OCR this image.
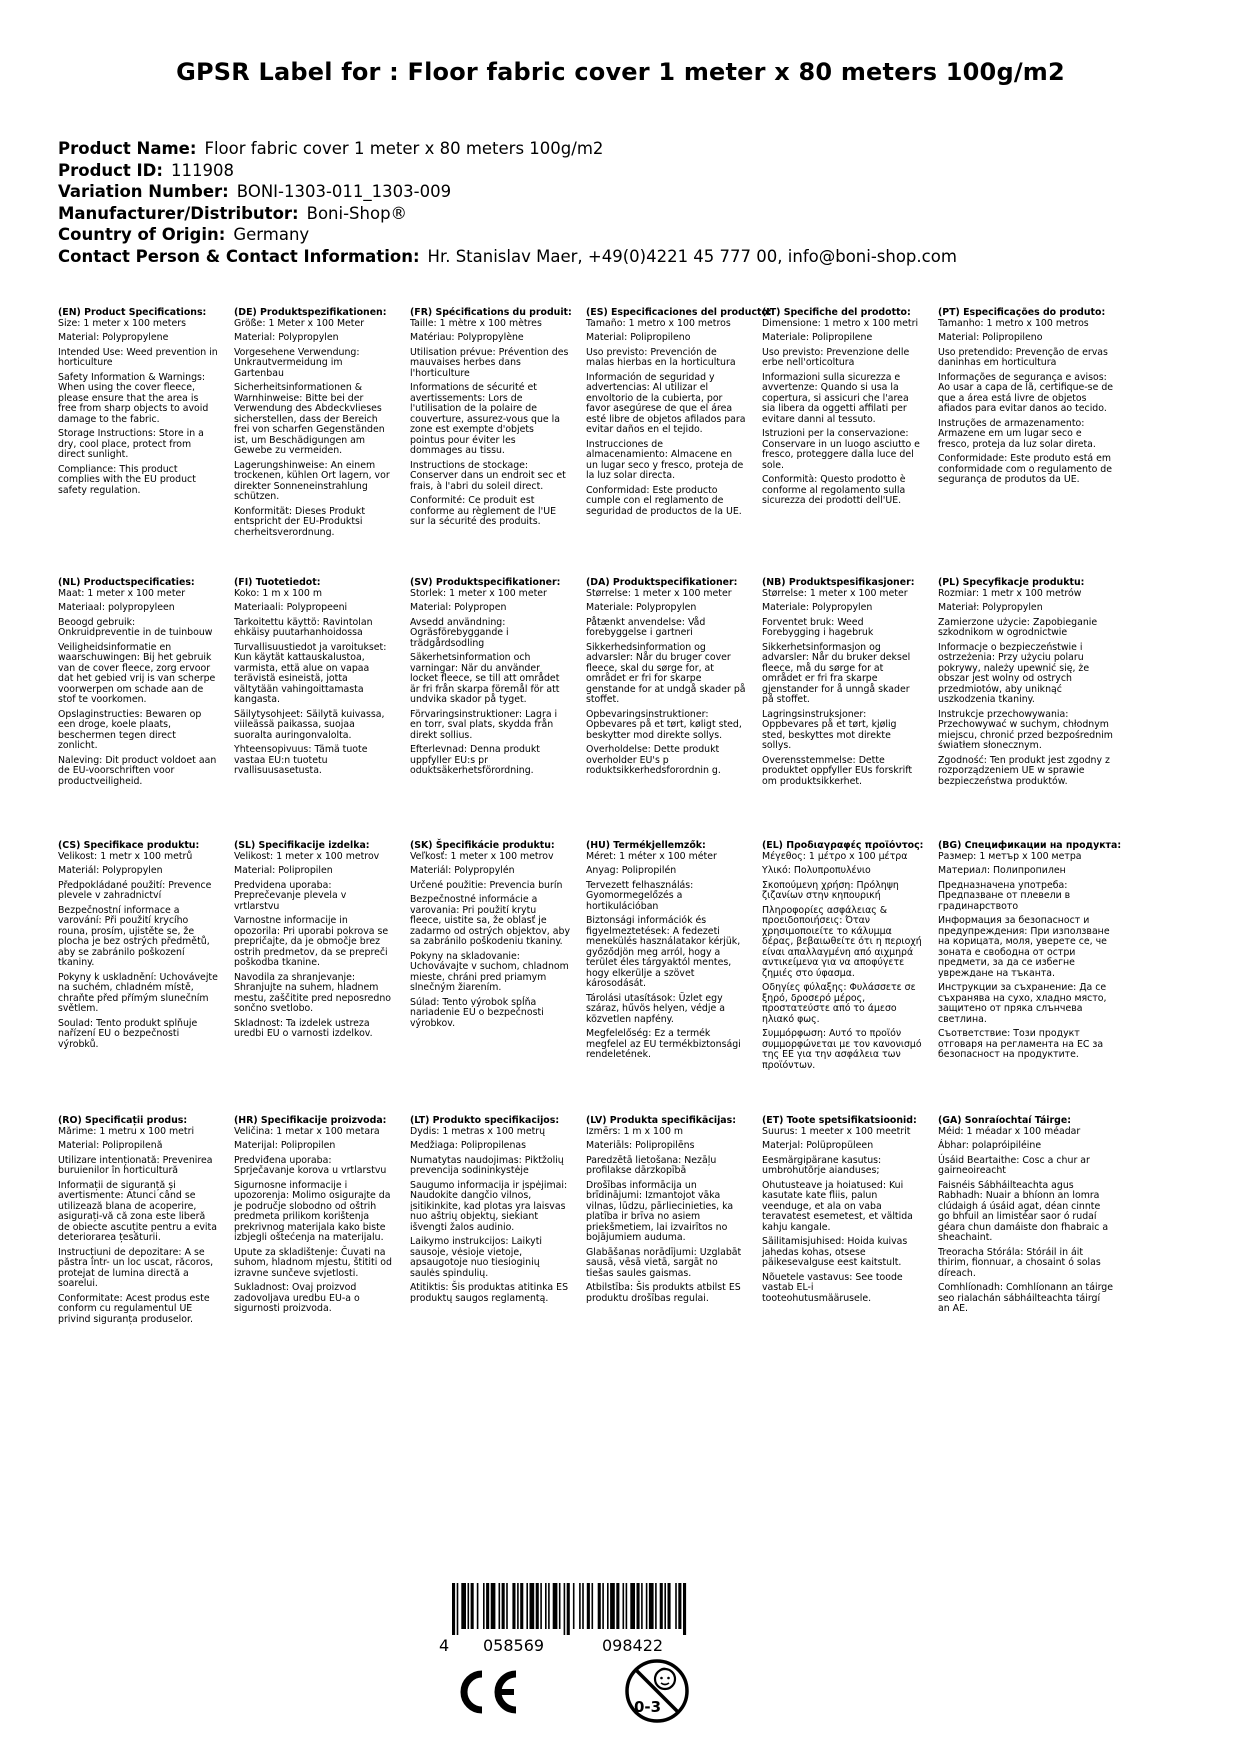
GPSR Label for : Floor fabric cover 1 meter x 80 meters 100g/m2
Product Name: Floor fabric cover 1 meter x 80 meters 100g/m2
Product ID: 111908
Variation Number: BONI-1303-011_1303-009
Manufacturer/Distributor: Boni-Shop®
Country of Origin: Germany
Contact Person & Contact Information: Hr. Stanislav Maer, +49(0)4221 45 777 00, info@boni-shop.com
(EN) Product Specifications:
Size: 1 meter x 100 meters
Material: Polypropylene
Intended Use: Weed prevention in horticulture
Safety Information & Warnings: When using the cover fleece, please ensure that the area is free from sharp objects to avoid damage to the fabric.
Storage Instructions: Store in a dry, cool place, protect from direct sunlight.
Compliance: This product complies with the EU product safety regulation.
(DE) Produktspezifikationen:
Größe: 1 Meter x 100 Meter
Material: Polypropylen
Vorgesehene Verwendung: Unkrautvermeidung im Gartenbau
Sicherheitsinformationen & Warnhinweise: Bitte bei der Verwendung des Abdeckvlieses sicherstellen, dass der Bereich frei von scharfen Gegenständen ist, um Beschädigungen am Gewebe zu vermeiden.
Lagerungshinweise: An einem trockenen, kühlen Ort lagern, vor direkter Sonneneinstrahlung schützen.
Konformität: Dieses Produkt entspricht der EU-Produktsi cherheitsverordnung.
(FR) Spécifications du produit:
Taille: 1 mètre x 100 mètres
Matériau: Polypropylène
Utilisation prévue: Prévention des mauvaises herbes dans l'horticulture
Informations de sécurité et avertissements: Lors de l'utilisation de la polaire de couverture, assurez-vous que la zone est exempte d'objets pointus pour éviter les dommages au tissu.
Instructions de stockage: Conserver dans un endroit sec et frais, à l'abri du soleil direct.
Conformité: Ce produit est conforme au règlement de l'UE sur la sécurité des produits.
(ES) Especificaciones del producto:
Tamaño: 1 metro x 100 metros
Material: Polipropileno
Uso previsto: Prevención de malas hierbas en la horticultura
Información de seguridad y advertencias: Al utilizar el envoltorio de la cubierta, por favor asegúrese de que el área esté libre de objetos afilados para evitar daños en el tejido.
Instrucciones de almacenamiento: Almacene en un lugar seco y fresco, proteja de la luz solar directa.
Conformidad: Este producto cumple con el reglamento de seguridad de productos de la UE.
(IT) Specifiche del prodotto:
Dimensione: 1 metro x 100 metri
Materiale: Polipropilene
Uso previsto: Prevenzione delle erbe nell'orticoltura
Informazioni sulla sicurezza e avvertenze: Quando si usa la copertura, si assicuri che l'area sia libera da oggetti affilati per evitare danni al tessuto.
Istruzioni per la conservazione: Conservare in un luogo asciutto e fresco, proteggere dalla luce del sole.
Conformità: Questo prodotto è conforme al regolamento sulla sicurezza dei prodotti dell'UE.
(PT) Especificações do produto:
Tamanho: 1 metro x 100 metros
Material: Polipropileno
Uso pretendido: Prevenção de ervas daninhas em horticultura
Informações de segurança e avisos: Ao usar a capa de lã, certifique-se de que a área está livre de objetos afiados para evitar danos ao tecido.
Instruções de armazenamento: Armazene em um lugar seco e fresco, proteja da luz solar direta.
Conformidade: Este produto está em conformidade com o regulamento de segurança de produtos da UE.
(NL) Productspecificaties:
Maat: 1 meter x 100 meter
Materiaal: polypropyleen
Beoogd gebruik: Onkruidpreventie in de tuinbouw
Veiligheidsinformatie en waarschuwingen: Bij het gebruik van de cover fleece, zorg ervoor dat het gebied vrij is van scherpe voorwerpen om schade aan de stof te voorkomen.
Opslaginstructies: Bewaren op een droge, koele plaats, beschermen tegen direct zonlicht.
Naleving: Dit product voldoet aan de EU-voorschriften voor productveiligheid.
(FI) Tuotetiedot:
Koko: 1 m x 100 m
Materiaali: Polypropeeni
Tarkoitettu käyttö: Ravintolan ehkäisy puutarhanhoidossa
Turvallisuustiedot ja varoitukset: Kun käytät kattauskalustoa, varmista, että alue on vapaa terävistä esineistä, jotta vältytään vahingoittamasta kangasta.
Säilytysohjeet: Säilytä kuivassa, viileässä paikassa, suojaa suoralta auringonvalolta.
Yhteensopivuus: Tämä tuote vastaa EU:n tuotetu rvallisuusasetusta.
(SV) Produktspecifikationer:
Storlek: 1 meter x 100 meter
Material: Polypropen
Avsedd användning: Ogräsförebyggande i trädgårdsodling
Säkerhetsinformation och varningar: När du använder locket fleece, se till att området är fri från skarpa föremål för att undvika skador på tyget.
Förvaringsinstruktioner: Lagra i en torr, sval plats, skydda från direkt sollius.
Efterlevnad: Denna produkt uppfyller EU:s pr oduktsäkerhetsförordning.
(DA) Produktspecifikationer:
Størrelse: 1 meter x 100 meter
Materiale: Polypropylen
Påtænkt anvendelse: Våd forebyggelse i gartneri
Sikkerhedsinformation og advarsler: Når du bruger cover fleece, skal du sørge for, at området er fri for skarpe genstande for at undgå skader på stoffet.
Opbevaringsinstruktioner: Opbevares på et tørt, køligt sted, beskytter mod direkte sollys.
Overholdelse: Dette produkt overholder EU's p roduktsikkerhedsforordnin g.
(NB) Produktspesifikasjoner:
Størrelse: 1 meter x 100 meter
Materiale: Polypropylen
Forventet bruk: Weed Forebygging i hagebruk
Sikkerhetsinformasjon og advarsler: Når du bruker deksel fleece, må du sørge for at området er fri fra skarpe gjenstander for å unngå skader på stoffet.
Lagringsinstruksjoner: Oppbevares på et tørt, kjølig sted, beskyttes mot direkte sollys.
Overensstemmelse: Dette produktet oppfyller EUs forskrift om produktsikkerhet.
(PL) Specyfikacje produktu:
Rozmiar: 1 metr x 100 metrów
Materiał: Polypropylen
Zamierzone użycie: Zapobieganie szkodnikom w ogrodnictwie
Informacje o bezpieczeństwie i ostrzeżenia: Przy użyciu polaru pokrywy, należy upewnić się, że obszar jest wolny od ostrych przedmiotów, aby uniknąć uszkodzenia tkaniny.
Instrukcje przechowywania: Przechowywać w suchym, chłodnym miejscu, chronić przed bezpośrednim światłem słonecznym.
Zgodność: Ten produkt jest zgodny z rozporządzeniem UE w sprawie bezpieczeństwa produktów.
(CS) Specifikace produktu:
Velikost: 1 metr x 100 metrů
Materiál: Polypropylen
Předpokládané použití: Prevence plevele v zahradnictví
Bezpečnostní informace a varování: Při použití krycího rouna, prosím, ujistěte se, že plocha je bez ostrých předmětů, aby se zabránilo poškození tkaniny.
Pokyny k uskladnění: Uchovávejte na suchém, chladném místě, chraňte před přímým slunečním světlem.
Soulad: Tento produkt splňuje nařízení EU o bezpečnosti výrobků.
(SL) Specifikacije izdelka:
Velikost: 1 meter x 100 metrov
Material: Polipropilen
Predvidena uporaba: Preprečevanje plevela v vrtlarstvu
Varnostne informacije in opozorila: Pri uporabi pokrova se prepričajte, da je območje brez ostrih predmetov, da se prepreči poškodba tkanine.
Navodila za shranjevanje: Shranjujte na suhem, hladnem mestu, zaščitite pred neposredno sončno svetlobo.
Skladnost: Ta izdelek ustreza uredbi EU o varnosti izdelkov.
(SK) Špecifikácie produktu:
Veľkosť: 1 meter x 100 metrov
Materiál: Polypropylén
Určené použitie: Prevencia burín
Bezpečnostné informácie a varovania: Pri použití krytu fleece, uistite sa, že oblasť je zadarmo od ostrých objektov, aby sa zabránilo poškodeniu tkaniny.
Pokyny na skladovanie: Uchovávajte v suchom, chladnom mieste, chráni pred priamym slnečným žiarením.
Súlad: Tento výrobok spĺňa nariadenie EÚ o bezpečnosti výrobkov.
(HU) Termékjellemzők:
Méret: 1 méter x 100 méter
Anyag: Polipropilén
Tervezett felhasználás: Gyomormegelőzés a hortikulációban
Biztonsági információk és figyelmeztetések: A fedezeti menekülés használatakor kérjük, győződjön meg arról, hogy a terület éles tárgyaktól mentes, hogy elkerülje a szövet károsodását.
Tárolási utasítások: Üzlet egy száraz, hűvös helyen, védje a közvetlen napfény.
Megfelelőség: Ez a termék megfelel az EU termékbiztonsági rendeletének.
(EL) Προδιαγραφές προϊόντος:
Μέγεθος: 1 μέτρο x 100 μέτρα
Υλικό: Πολυπροπυλένιο
Σκοπούμενη χρήση: Πρόληψη ζιζανίων στην κηπουρική
Πληροφορίες ασφάλειας & προειδοποιήσεις: Όταν χρησιμοποιείτε το κάλυμμα δέρας, βεβαιωθείτε ότι η περιοχή είναι απαλλαγμένη από αιχμηρά αντικείμενα για να αποφύγετε ζημιές στο ύφασμα.
Οδηγίες φύλαξης: Φυλάσσετε σε ξηρό, δροσερό μέρος, προστατεύστε από το άμεσο ηλιακό φως.
Συμμόρφωση: Αυτό το προϊόν συμμορφώνεται με τον κανονισμό της ΕΕ για την ασφάλεια των προϊόντων.
(BG) Спецификации на продукта:
Размер: 1 метър x 100 метра
Материал: Полипропилен
Предназначена употреба: Предпазване от плевели в градинарството
Информация за безопасност и предупреждения: При използване на корицата, моля, уверете се, че зоната е свободна от остри предмети, за да се избегне увреждане на тъканта.
Инструкции за съхранение: Да се съхранява на сухо, хладно място, защитено от пряка слънчева светлина.
Съответствие: Този продукт отговаря на регламента на ЕС за безопасност на продуктите.
(RO) Specificații produs:
Mărime: 1 metru x 100 metri
Material: Polipropilenă
Utilizare intenționată: Prevenirea buruienilor în horticultură
Informații de siguranță și avertismente: Atunci când se utilizează blana de acoperire, asigurați-vă că zona este liberă de obiecte ascuțite pentru a evita deteriorarea țesăturii.
Instrucțiuni de depozitare: A se păstra într- un loc uscat, răcoros, protejat de lumina directă a soarelui.
Conformitate: Acest produs este conform cu regulamentul UE privind siguranța produselor.
(HR) Specifikacije proizvoda:
Veličina: 1 metar x 100 metara
Materijal: Polipropilen
Predviđena uporaba: Sprječavanje korova u vrtlarstvu
Sigurnosne informacije i upozorenja: Molimo osigurajte da je područje slobodno od oštrih predmeta prilikom korištenja prekrivnog materijala kako biste izbjegli oštećenja na materijalu.
Upute za skladištenje: Čuvati na suhom, hladnom mjestu, štititi od izravne sunčeve svjetlosti.
Sukladnost: Ovaj proizvod zadovoljava uredbu EU-a o sigurnosti proizvoda.
(LT) Produkto specifikacijos:
Dydis: 1 metras x 100 metrų
Medžiaga: Polipropilenas
Numatytas naudojimas: Piktžolių prevencija sodininkystėje
Saugumo informacija ir įspėjimai: Naudokite dangčio vilnos, įsitikinkite, kad plotas yra laisvas nuo aštrių objektų, siekiant išvengti žalos audinio.
Laikymo instrukcijos: Laikyti sausoje, vėsioje vietoje, apsaugotoje nuo tiesioginių saulės spindulių.
Atitiktis: Šis produktas atitinka ES produktų saugos reglamentą.
(LV) Produkta specifikācijas:
Izmērs: 1 m x 100 m
Materiāls: Polipropilēns
Paredzētā lietošana: Nezāļu profilakse dārzkopībā
Drošības informācija un brīdinājumi: Izmantojot vāka vilnas, lūdzu, pārliecinieties, ka platība ir brīva no asiem priekšmetiem, lai izvairītos no bojājumiem auduma.
Glabāšanas norādījumi: Uzglabāt sausā, vēsā vietā, sargāt no tiešas saules gaismas.
Atbilstība: Šis produkts atbilst ES produktu drošības regulai.
(ET) Toote spetsifikatsioonid:
Suurus: 1 meeter x 100 meetrit
Materjal: Polüpropüleen
Eesmärgipärane kasutus: umbrohutõrje aianduses;
Ohutusteave ja hoiatused: Kui kasutate kate fliis, palun veenduge, et ala on vaba teravatest esemetest, et vältida kahju kangale.
Säilitamisjuhised: Hoida kuivas jahedas kohas, otsese päikesevalguse eest kaitstult.
Nõuetele vastavus: See toode vastab EL-i tooteohutusmäärusele.
(GA) Sonraíochtaí Táirge:
Méid: 1 méadar x 100 méadar
Ábhar: polapróipiléine
Úsáid Beartaithe: Cosc a chur ar gairneoireacht
Faisnéis Sábháilteachta agus Rabhadh: Nuair a bhíonn an lomra clúdaigh á úsáid agat, déan cinnte go bhfuil an limistéar saor ó rudaí géara chun damáiste don fhabraic a sheachaint.
Treoracha Stórála: Stóráil in áit thirim, fionnuar, a chosaint ó solas díreach.
Comhlíonadh: Comhlíonann an táirge seo rialachán sábháilteachta táirgí an AE.
4 058569	098422
0-3
